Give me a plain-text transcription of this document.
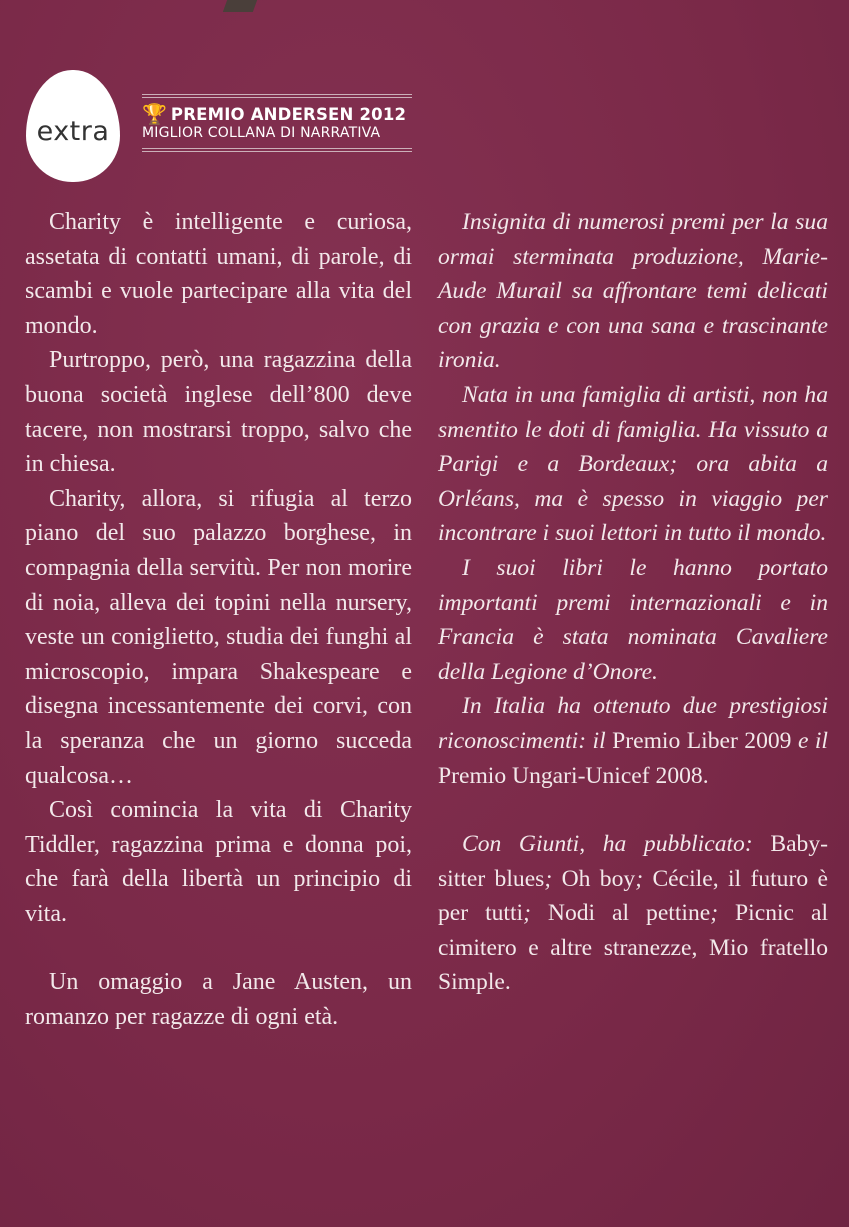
extra
🏆 PREMIO ANDERSEN 2012
MIGLIOR COLLANA DI NARRATIVA

Charity è intelligente e curiosa, assetata di contatti umani, di parole, di scambi e vuole partecipare alla vita del mondo.

Purtroppo, però, una ragazzina della buona società inglese dell’800 deve tacere, non mostrarsi troppo, salvo che in chiesa.

Charity, allora, si rifugia al terzo piano del suo palazzo borghese, in compagnia della servitù. Per non morire di noia, alleva dei topini nella nursery, veste un coniglietto, studia dei funghi al microscopio, impara Shakespeare e disegna incessantemente dei corvi, con la speranza che un giorno succeda qualcosa…

Così comincia la vita di Charity Tiddler, ragazzina prima e donna poi, che farà della libertà un principio di vita.

Un omaggio a Jane Austen, un romanzo per ragazze di ogni età.

Insignita di numerosi premi per la sua ormai sterminata produzione, Marie-Aude Murail sa affrontare temi delicati con grazia e con una sana e trascinante ironia.

Nata in una famiglia di artisti, non ha smentito le doti di famiglia. Ha vissuto a Parigi e a Bordeaux; ora abita a Orléans, ma è spesso in viaggio per incontrare i suoi lettori in tutto il mondo.

I suoi libri le hanno portato importanti premi internazionali e in Francia è stata nominata Cavaliere della Legione d’Onore.

In Italia ha ottenuto due prestigiosi riconoscimenti: il Premio Liber 2009 e il Premio Ungari-Unicef 2008.

Con Giunti, ha pubblicato: Baby-sitter blues; Oh boy; Cécile, il futuro è per tutti; Nodi al pettine; Picnic al cimitero e altre stranezze, Mio fratello Simple.
